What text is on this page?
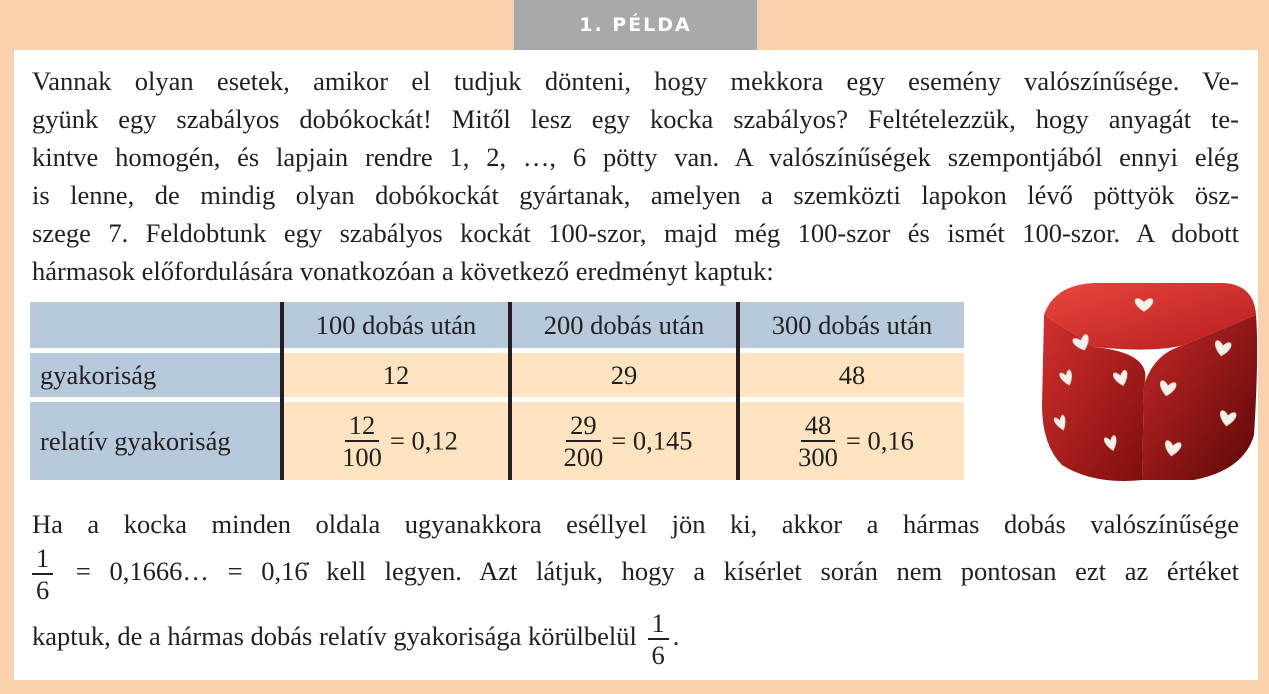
1. PÉLDA
Vannak olyan esetek, amikor el tudjuk dönteni, hogy mekkora egy esemény valószínűsége. Ve-
gyünk egy szabályos dobókockát! Mitől lesz egy kocka szabályos? Feltételezzük, hogy anyagát te-
kintve homogén, és lapjain rendre 1, 2, …, 6 pötty van. A valószínűségek szempontjából ennyi elég
is lenne, de mindig olyan dobókockát gyártanak, amelyen a szemközti lapokon lévő pöttyök ösz-
szege 7. Feldobtunk egy szabályos kockát 100-szor, majd még 100-szor és ismét 100-szor. A dobott
hármasok előfordulására vonatkozóan a következő eredményt kaptuk:
	100 dobás után	200 dobás után	300 dobás után

gyakoriság	12	29	48

relatív gyakoriság	$\frac{12}{100} = 0,12$	$\frac{29}{200} = 0,145$	$\frac{48}{300} = 0,16$
Ha a kocka minden oldala ugyanakkora eséllyel jön ki, akkor a hármas dobás valószínűsége
$\frac{1}{6}$ = 0,1666… = 0,16̇ kell legyen. Azt látjuk, hogy a kísérlet során nem pontosan ezt az értéket
kaptuk, de a hármas dobás relatív gyakorisága körülbelül $\frac{1}{6}$ .
